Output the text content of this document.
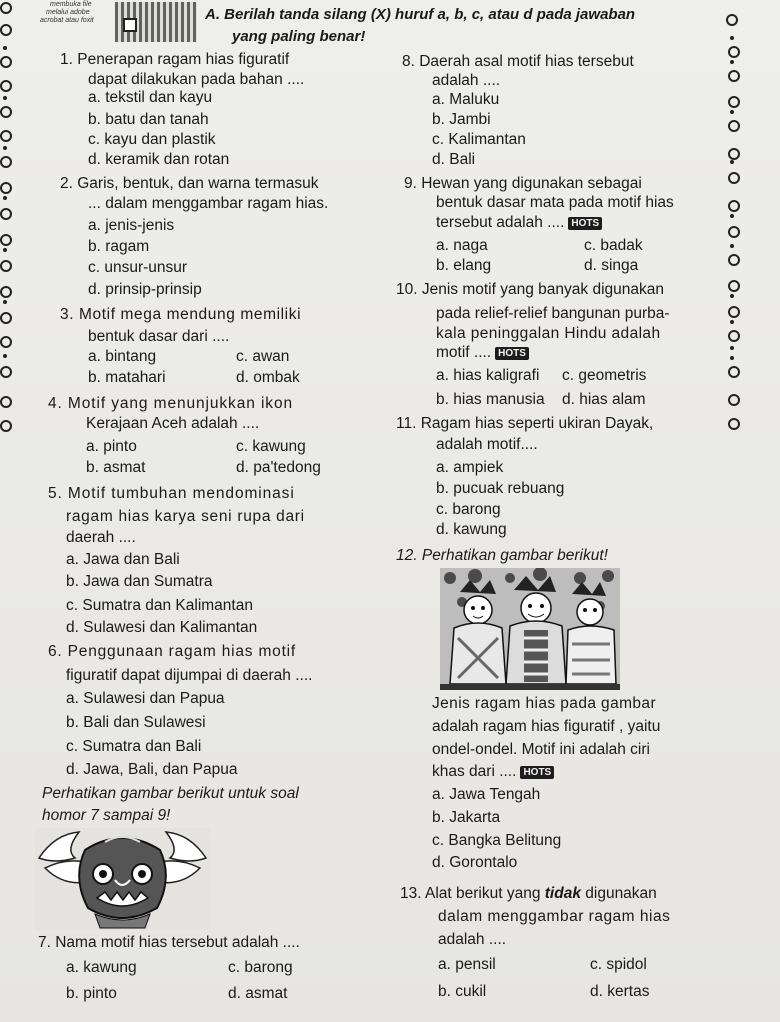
membuka file
melalui adobe
acrobat atau foxit	A. Berilah tanda silang (X) huruf a, b, c, atau d pada jawaban
yang paling benar!
1. Penerapan ragam hias figuratif
dapat dilakukan pada bahan ....
a. tekstil dan kayu
b. batu dan tanah
c. kayu dan plastik
d. keramik dan rotan
2. Garis, bentuk, dan warna termasuk
... dalam menggambar ragam hias.
a. jenis-jenis
b. ragam
c. unsur-unsur
d. prinsip-prinsip
3. Motif mega mendung memiliki
bentuk dasar dari ....
a. bintang	c. awan
b. matahari	d. ombak
4. Motif yang menunjukkan ikon
Kerajaan Aceh adalah ....
a. pinto	c. kawung
b. asmat	d. pa'tedong
5. Motif tumbuhan mendominasi
ragam hias karya seni rupa dari
daerah ....
a. Jawa dan Bali
b. Jawa dan Sumatra
c. Sumatra dan Kalimantan
d. Sulawesi dan Kalimantan
6. Penggunaan ragam hias motif
figuratif dapat dijumpai di daerah ....
a. Sulawesi dan Papua
b. Bali dan Sulawesi
c. Sumatra dan Bali
d. Jawa, Bali, dan Papua
Perhatikan gambar berikut untuk soal
homor 7 sampai 9!
7. Nama motif hias tersebut adalah ....
a. kawung	c. barong
b. pinto	d. asmat
8. Daerah asal motif hias tersebut
adalah ....
a. Maluku
b. Jambi
c. Kalimantan
d. Bali
9. Hewan yang digunakan sebagai
bentuk dasar mata pada motif hias
tersebut adalah .... HOTS
a. naga	c. badak
b. elang	d. singa
10. Jenis motif yang banyak digunakan
pada relief-relief bangunan purba-
kala peninggalan Hindu adalah
motif .... HOTS
a. hias kaligrafi c. geometris
b. hias manusia d. hias alam
11. Ragam hias seperti ukiran Dayak,
adalah motif....
a. ampiek
b. pucuak rebuang
c. barong
d. kawung
12. Perhatikan gambar berikut!
Jenis ragam hias pada gambar
adalah ragam hias figuratif , yaitu
ondel-ondel. Motif ini adalah ciri
khas dari .... HOTS
a. Jawa Tengah
b. Jakarta
c. Bangka Belitung
d. Gorontalo
13. Alat berikut yang tidak digunakan
dalam menggambar ragam hias
adalah ....
a. pensil	c. spidol
b. cukil	d. kertas
